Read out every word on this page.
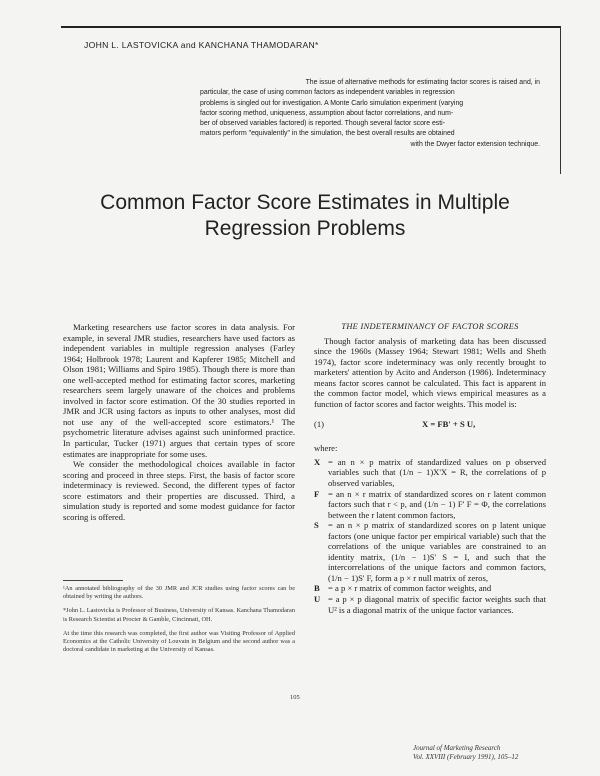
JOHN L. LASTOVICKA and KANCHANA THAMODARAN*
The issue of alternative methods for estimating factor scores is raised and, in
particular, the case of using common factors as independent variables in regression
problems is singled out for investigation. A Monte Carlo simulation experiment (varying
factor scoring method, uniqueness, assumption about factor correlations, and num-
ber of observed variables factored) is reported. Though several factor score esti-
mators perform "equivalently" in the simulation, the best overall results are obtained
with the Dwyer factor extension technique.
Common Factor Score Estimates in Multiple
Regression Problems

Marketing researchers use factor scores in data analysis. For example, in several JMR studies, researchers have used factors as independent variables in multiple regression analyses (Farley 1964; Holbrook 1978; Laurent and Kapferer 1985; Mitchell and Olson 1981; Williams and Spiro 1985). Though there is more than one well-accepted method for estimating factor scores, marketing researchers seem largely unaware of the choices and problems involved in factor score estimation. Of the 30 studies reported in JMR and JCR using factors as inputs to other analyses, most did not use any of the well-accepted score estimators.¹ The psychometric literature advises against such uninformed practice. In particular, Tucker (1971) argues that certain types of score estimates are inappropriate for some uses.

We consider the methodological choices available in factor scoring and proceed in three steps. First, the basis of factor score indeterminacy is reviewed. Second, the different types of factor score estimators and their properties are discussed. Third, a simulation study is reported and some modest guidance for factor scoring is offered.

¹An annotated bibliography of the 30 JMR and JCR studies using factor scores can be obtained by writing the authors.

*John L. Lastovicka is Professor of Business, University of Kansas. Kanchana Thamodaran is Research Scientist at Procter & Gamble, Cincinnati, OH.

At the time this research was completed, the first author was Visiting Professor of Applied Economics at the Catholic University of Louvain in Belgium and the second author was a doctoral candidate in marketing at the University of Kansas.

THE INDETERMINANCY OF FACTOR SCORES

Though factor analysis of marketing data has been discussed since the 1960s (Massey 1964; Stewart 1981; Wells and Sheth 1974), factor score indeterminacy was only recently brought to marketers' attention by Acito and Anderson (1986). Indeterminacy means factor scores cannot be calculated. This fact is apparent in the common factor model, which views empirical measures as a function of factor scores and factor weights. This model is:

(1)	X = FB' + S U,
where:
X = an n × p matrix of standardized values on p observed variables such that (1/n − 1)X'X = R, the correlations of p observed variables,
F = an n × r matrix of standardized scores on r latent common factors such that r < p, and (1/n − 1) F' F = Φ, the correlations between the r latent common factors,
S = an n × p matrix of standardized scores on p latent unique factors (one unique factor per empirical variable) such that the correlations of the unique variables are constrained to an identity matrix, (1/n − 1)S' S = I, and such that the intercorrelations of the unique factors and common factors, (1/n − 1)S' F, form a p × r null matrix of zeros,
B = a p × r matrix of common factor weights, and
U = a p × p diagonal matrix of specific factor weights such that U² is a diagonal matrix of the unique factor variances.
105
Journal of Marketing Research
Vol. XXVIII (February 1991), 105–12
